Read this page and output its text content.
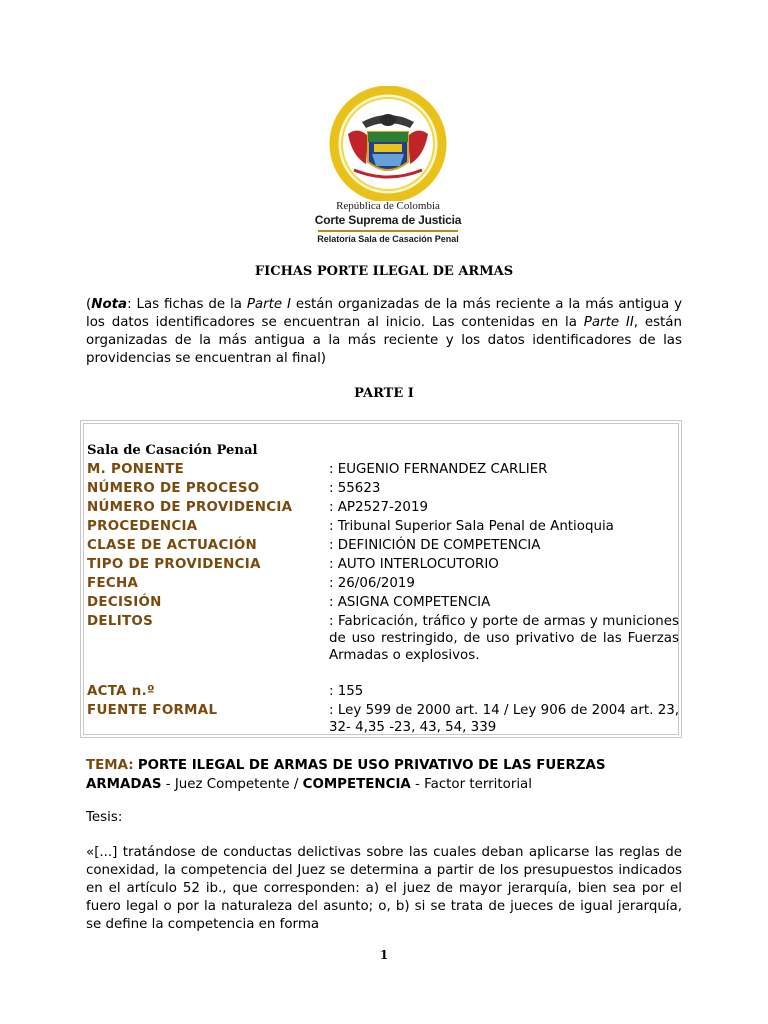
República de Colombia
Corte Suprema de Justicia
Relatoría Sala de Casación Penal
FICHAS PORTE ILEGAL DE ARMAS
(Nota: Las fichas de la Parte I están organizadas de la más reciente a la más antigua y los datos identificadores se encuentran al inicio. Las contenidas en la Parte II, están organizadas de la más antigua a la más reciente y los datos identificadores de las providencias se encuentran al final)
PARTE I
Sala de Casación Penal
M. PONENTE	: EUGENIO FERNANDEZ CARLIER
NÚMERO DE PROCESO	: 55623
NÚMERO DE PROVIDENCIA	: AP2527-2019
PROCEDENCIA	: Tribunal Superior Sala Penal de Antioquia
CLASE DE ACTUACIÓN	: DEFINICIÓN DE COMPETENCIA
TIPO DE PROVIDENCIA	: AUTO INTERLOCUTORIO
FECHA	: 26/06/2019
DECISIÓN	: ASIGNA COMPETENCIA
DELITOS	: Fabricación, tráfico y porte de armas y municiones de uso restringido, de uso privativo de las Fuerzas Armadas o explosivos.
ACTA n.º	: 155
FUENTE FORMAL	: Ley 599 de 2000 art. 14 / Ley 906 de 2004 art. 23, 32- 4,35 -23, 43, 54, 339
TEMA: PORTE ILEGAL DE ARMAS DE USO PRIVATIVO DE LAS FUERZAS ARMADAS - Juez Competente / COMPETENCIA - Factor territorial
Tesis:
«[...] tratándose de conductas delictivas sobre las cuales deban aplicarse las reglas de conexidad, la competencia del Juez se determina a partir de los presupuestos indicados en el artículo 52 ib., que corresponden: a) el juez de mayor jerarquía, bien sea por el fuero legal o por la naturaleza del asunto; o, b) si se trata de jueces de igual jerarquía, se define la competencia en forma
1
